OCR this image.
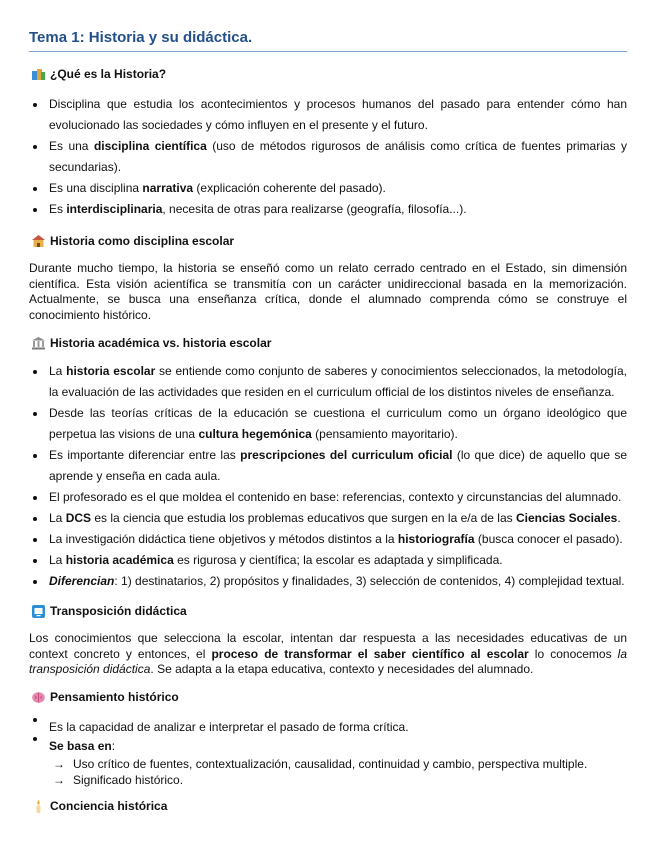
Tema 1: Historia y su didáctica.
¿Qué es la Historia?
Disciplina que estudia los acontecimientos y procesos humanos del pasado para entender cómo han evolucionado las sociedades y cómo influyen en el presente y el futuro.
Es una disciplina científica (uso de métodos rigurosos de análisis como crítica de fuentes primarias y secundarias).
Es una disciplina narrativa (explicación coherente del pasado).
Es interdisciplinaria, necesita de otras para realizarse (geografía, filosofía...).
Historia como disciplina escolar
Durante mucho tiempo, la historia se enseñó como un relato cerrado centrado en el Estado, sin dimensión científica. Esta visión acientífica se transmitía con un carácter unidireccional basada en la memorización. Actualmente, se busca una enseñanza crítica, donde el alumnado comprenda cómo se construye el conocimiento histórico.
Historia académica vs. historia escolar
La historia escolar se entiende como conjunto de saberes y conocimientos seleccionados, la metodología, la evaluación de las actividades que residen en el curriculum official de los distintos niveles de enseñanza.
Desde las teorías críticas de la educación se cuestiona el curriculum como un órgano ideológico que perpetua las visions de una cultura hegemónica (pensamiento mayoritario).
Es importante diferenciar entre las prescripciones del curriculum oficial (lo que dice) de aquello que se aprende y enseña en cada aula.
El profesorado es el que moldea el contenido en base: referencias, contexto y circunstancias del alumnado.
La DCS es la ciencia que estudia los problemas educativos que surgen en la e/a de las Ciencias Sociales.
La investigación didáctica tiene objetivos y métodos distintos a la historiografía (busca conocer el pasado).
La historia académica es rigurosa y científica; la escolar es adaptada y simplificada.
Diferencian: 1) destinatarios, 2) propósitos y finalidades, 3) selección de contenidos, 4) complejidad textual.
Transposición didáctica
Los conocimientos que selecciona la escolar, intentan dar respuesta a las necesidades educativas de un context concreto y entonces, el proceso de transformar el saber científico al escolar lo conocemos la transposición didáctica. Se adapta a la etapa educativa, contexto y necesidades del alumnado.
Pensamiento histórico
Es la capacidad de analizar e interpretar el pasado de forma crítica.
Se basa en:
→ Uso crítico de fuentes, contextualización, causalidad, continuidad y cambio, perspectiva multiple.
→ Significado histórico.
Conciencia histórica
